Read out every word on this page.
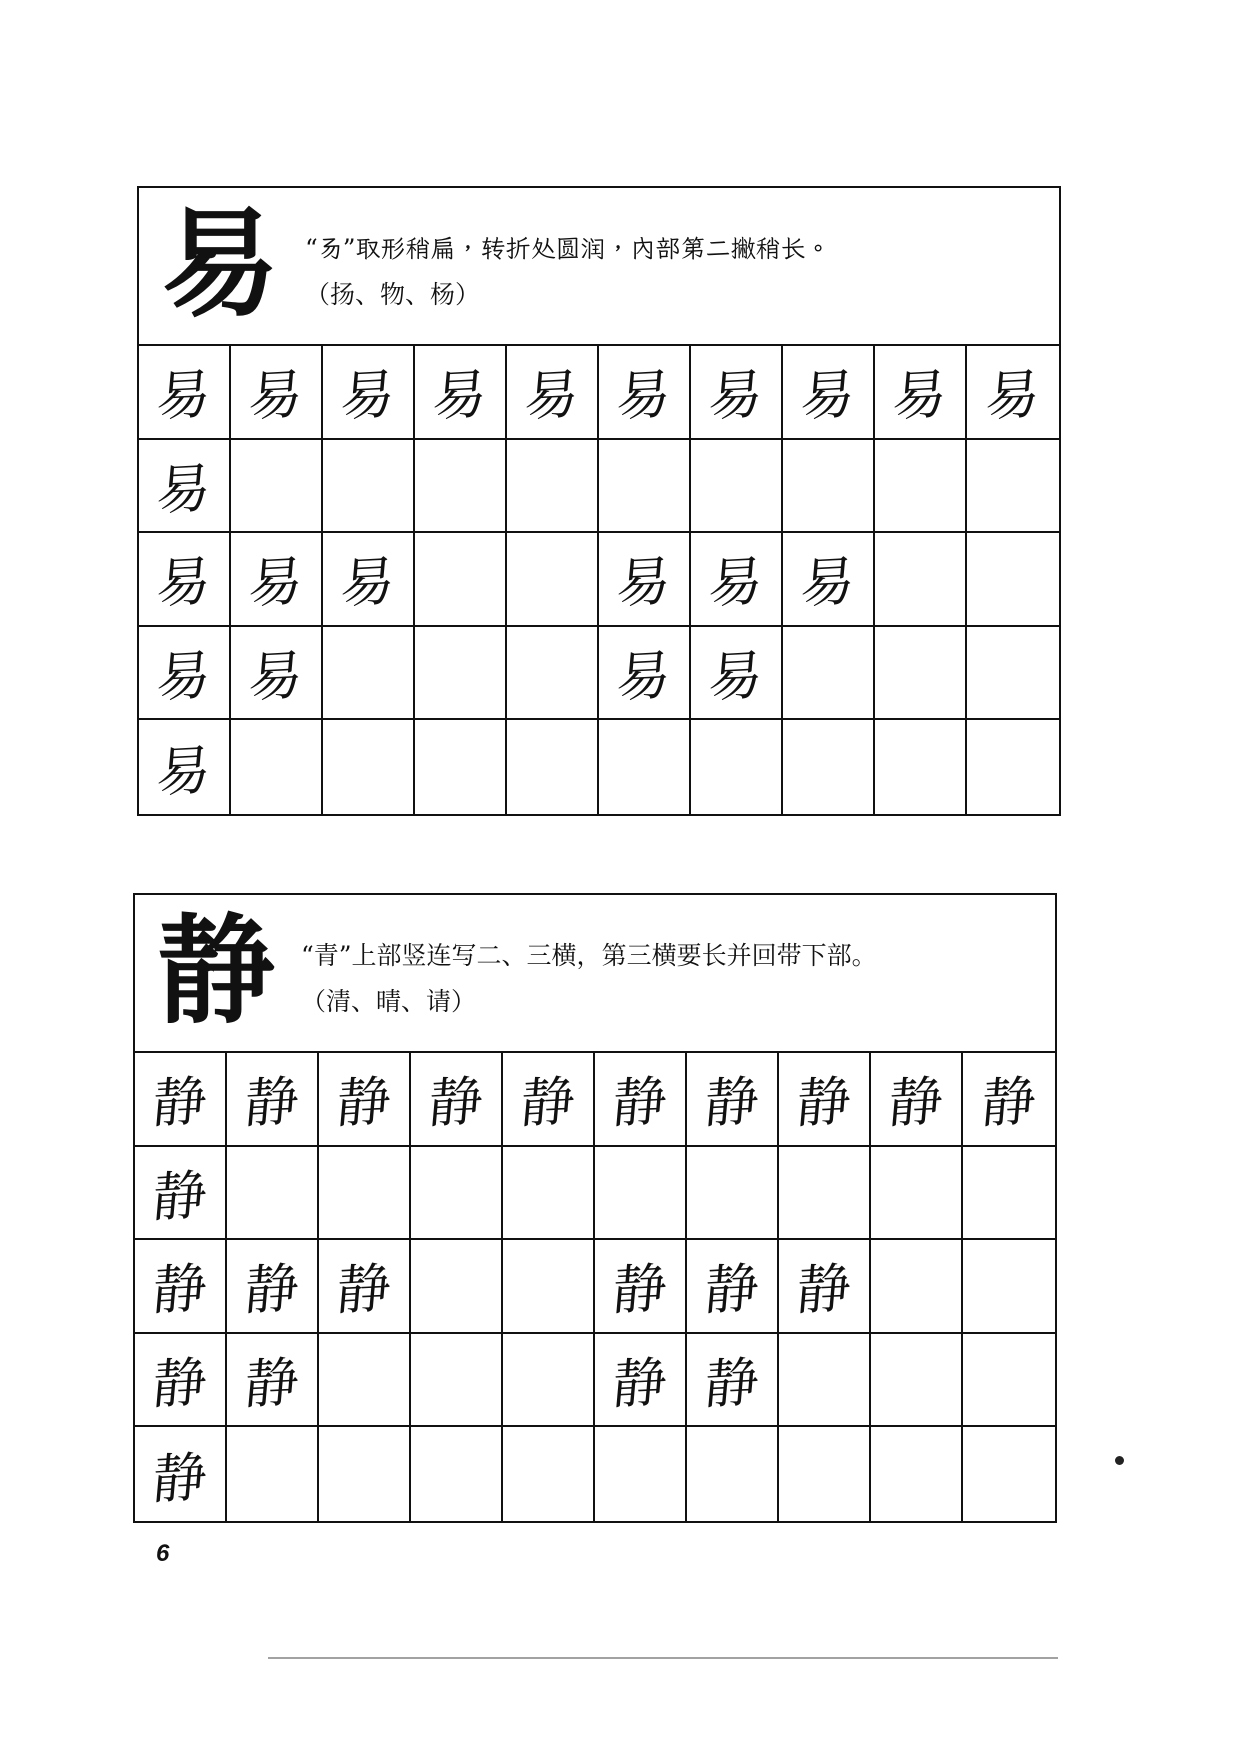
易 “𠃓”取形稍扁，转折处圆润，内部第二撇稍长。
（扬、物、杨）
易 易 易 易 易 易 易 易 易 易
易
易 易 易	易 易 易
易 易	易 易
易
静 “青”上部竖连写二、三横，第三横要长并回带下部。
（清、晴、请）
静 静 静 静 静 静 静 静 静 静
静
静 静 静	静 静 静
静 静	静 静
静
6
